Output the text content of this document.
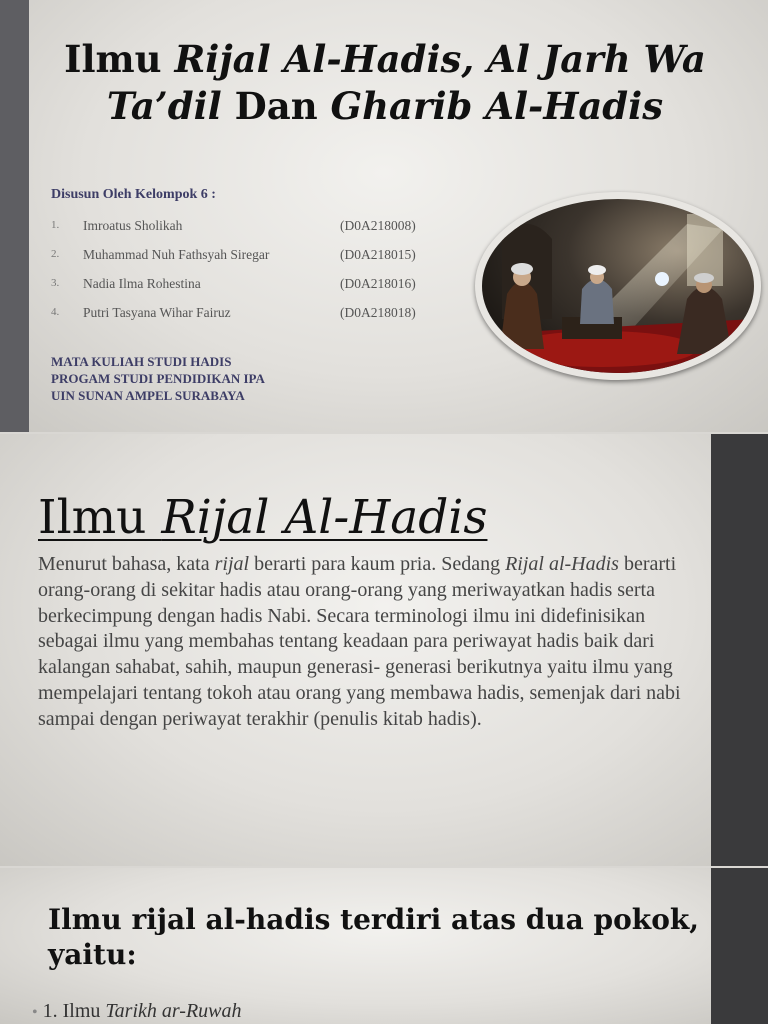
Ilmu Rijal Al-Hadis, Al Jarh Wa Ta’dil Dan Gharib Al-Hadis
Disusun Oleh Kelompok 6 :
1. Imroatus Sholikah	(D0A218008)
2. Muhammad Nuh Fathsyah Siregar	(D0A218015)
3. Nadia Ilma Rohestina	(D0A218016)
4. Putri Tasyana Wihar Fairuz	(D0A218018)
MATA KULIAH STUDI HADIS
PROGAM STUDI PENDIDIKAN IPA
UIN SUNAN AMPEL SURABAYA
Ilmu Rijal Al-Hadis

Menurut bahasa, kata rijal berarti para kaum pria. Sedang Rijal al-Hadis berarti orang-orang di sekitar hadis atau orang-orang yang meriwayatkan hadis serta berkecimpung dengan hadis Nabi. Secara terminologi ilmu ini didefinisikan sebagai ilmu yang membahas tentang keadaan para periwayat hadis baik dari kalangan sahabat, sahih, maupun generasi- generasi berikutnya yaitu ilmu yang mempelajari tentang tokoh atau orang yang membawa hadis, semenjak dari nabi sampai dengan periwayat terakhir (penulis kitab hadis).

Ilmu rijal al-hadis terdiri atas dua pokok, yaitu:
• 1. Ilmu Tarikh ar-Ruwah
